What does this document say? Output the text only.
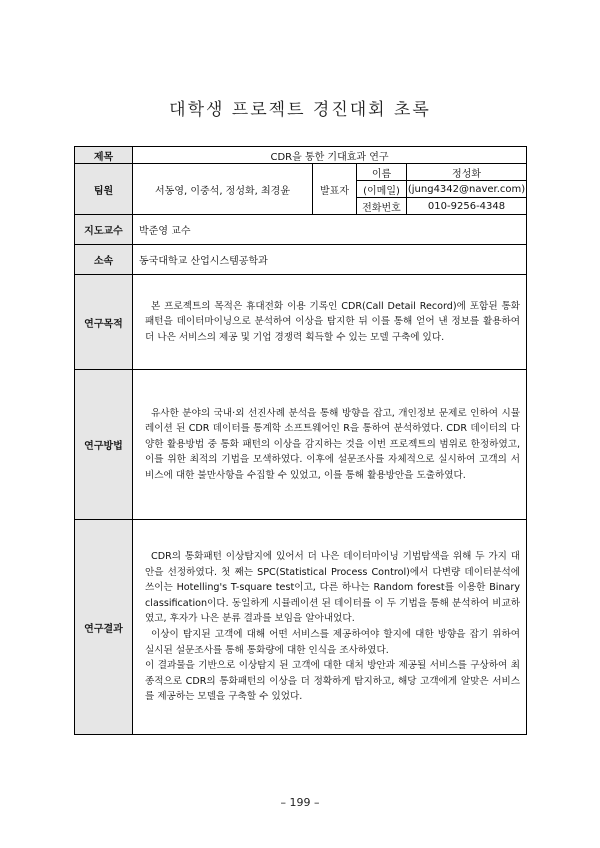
대학생 프로젝트 경진대회 초록
제목	CDR을 통한 기대효과 연구			
팀원	서동영, 이중석, 정성화, 최경윤	발표자	이름	정성화
			(이메일)	(jung4342@naver.com)
			전화번호	010-9256-4348
지도교수	박준영 교수			
소속	동국대학교 산업시스템공학과			
연구목적	본 프로젝트의 목적은 휴대전화 이용 기록인 CDR(Call Detail Record)에 포함된 통화 패턴을 데이터마이닝으로 분석하여 이상을 탐지한 뒤 이를 통해 얻어 낸 정보를 활용하여 더 나은 서비스의 제공 및 기업 경쟁력 획득할 수 있는 모델 구축에 있다.			

연구방법	유사한 분야의 국내·외 선진사례 분석을 통해 방향을 잡고, 개인정보 문제로 인하여 시뮬레이션 된 CDR 데이터를 통계학 소프트웨어인 R을 통하여 분석하였다. CDR 데이터의 다양한 활용방법 중 통화 패턴의 이상을 감지하는 것을 이번 프로젝트의 범위로 한정하였고, 이를 위한 최적의 기법을 모색하였다. 이후에 설문조사를 자체적으로 실시하여 고객의 서비스에 대한 불만사항을 수집할 수 있었고, 이를 통해 활용방안을 도출하였다.			

연구결과	CDR의 통화패턴 이상탐지에 있어서 더 나은 데이터마이닝 기법탐색을 위해 두 가지 대안을 선정하였다. 첫 째는 SPC(Statistical Process Control)에서 다변량 데이터분석에 쓰이는 Hotelling's T-square test이고, 다른 하나는 Random forest를 이용한 Binary classification이다. 동일하게 시뮬레이션 된 데이터를 이 두 기법을 통해 분석하여 비교하였고, 후자가 나은 분류 결과를 보임을 알아내었다.

이상이 탐지된 고객에 대해 어떤 서비스를 제공하여야 할지에 대한 방향을 잡기 위하여 실시된 설문조사를 통해 통화량에 대한 인식을 조사하였다.

이 결과물을 기반으로 이상탐지 된 고객에 대한 대처 방안과 제공될 서비스를 구상하여 최종적으로 CDR의 통화패턴의 이상을 더 정확하게 탐지하고, 해당 고객에게 알맞은 서비스를 제공하는 모델을 구축할 수 있었다.			

– 199 –
